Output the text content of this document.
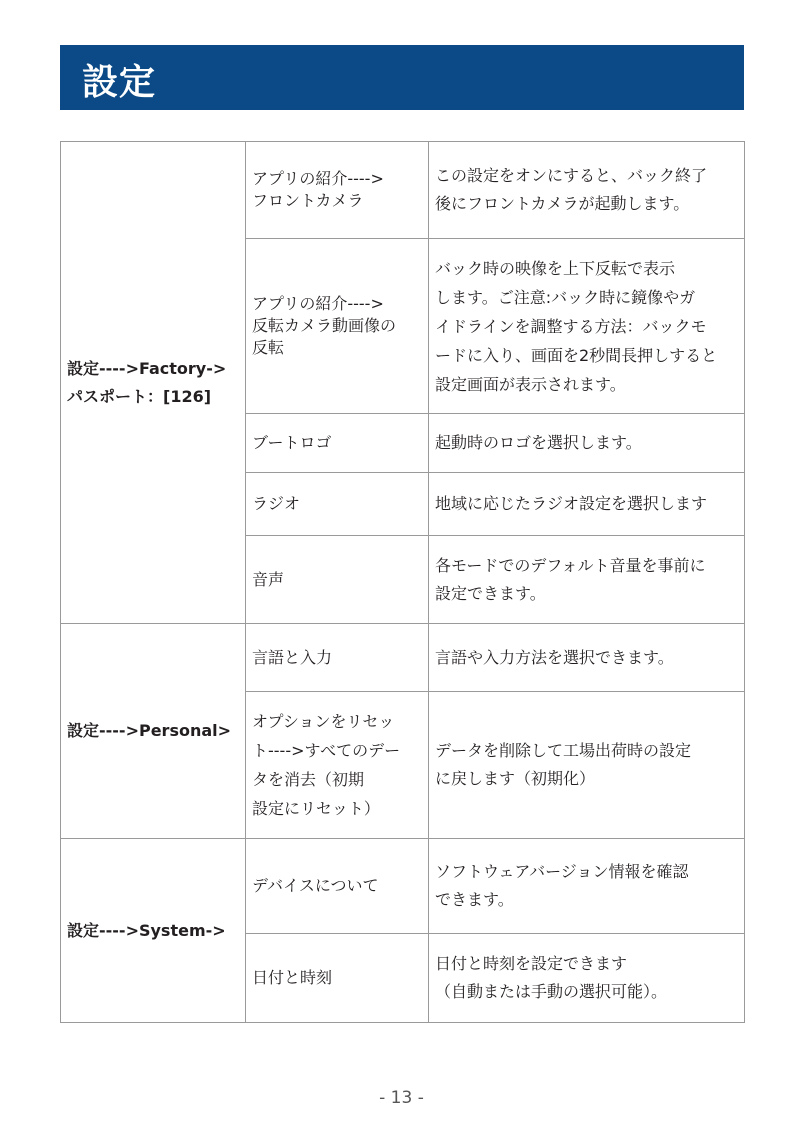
設定
設定---->Factory->
パスポート：[126]	アプリの紹介---->
フロントカメラ	この設定をオンにすると、バック終了
後にフロントカメラが起動します。

	アプリの紹介---->
反転カメラ動画像の
反転	バック時の映像を上下反転で表示
します。ご注意:バック時に鏡像やガ
イドラインを調整する方法：バックモ
ードに入り、画面を2秒間長押しすると
設定画面が表示されます。

	ブートロゴ	起動時のロゴを選択します。

	ラジオ	地域に応じたラジオ設定を選択します

	音声	各モードでのデフォルト音量を事前に
設定できます。

設定---->Personal>	言語と入力	言語や入力方法を選択できます。

	オプションをリセッ
ト---->すべてのデー
タを消去（初期
設定にリセット）	データを削除して工場出荷時の設定
に戻します（初期化）

設定---->System->	デバイスについて	ソフトウェアバージョン情報を確認
できます。

	日付と時刻	日付と時刻を設定できます
（自動または手動の選択可能）。
- 13 -
